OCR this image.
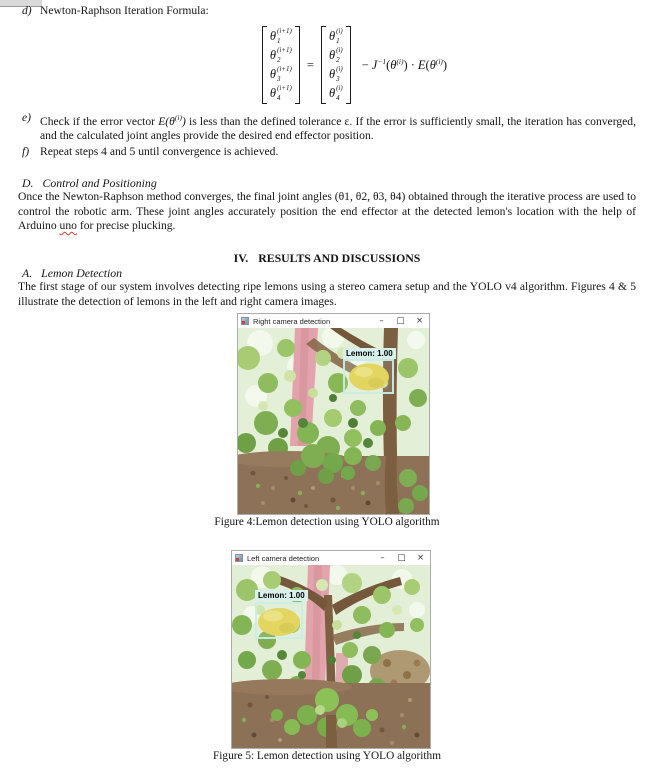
d) Newton-Raphson Iteration Formula:
θ (i+1)
1
θ (i+1)
2
θ (i+1)
3
θ (i+1)
4
=
θ (i)
1
θ (i)
2
θ (i)
3
θ (i)
4
− $J^{-1}(\theta^{(i)}) \cdot E(\theta^{(i)})$
e) Check if the error vector $E(\theta^{(i)})$ is less than the defined tolerance ε. If the error is sufficiently small, the iteration has converged, and the calculated joint angles provide the desired end effector position.
f) Repeat steps 4 and 5 until convergence is achieved.
D. Control and Positioning
Once the Newton-Raphson method converges, the final joint angles (θ1, θ2, θ3, θ4) obtained through the iterative process are used to control the robotic arm. These joint angles accurately position the end effector at the detected lemon's location with the help of Arduino uno for precise plucking.
IV. RESULTS AND DISCUSSIONS
A. Lemon Detection
The first stage of our system involves detecting ripe lemons using a stereo camera setup and the YOLO v4 algorithm. Figures 4 & 5 illustrate the detection of lemons in the left and right camera images.
Right camera detection	–	□	×
Lemon: 1.00
Figure 4:Lemon detection using YOLO algorithm
Left camera detection	–	□	×
Lemon: 1.00
Figure 5: Lemon detection using YOLO algorithm
